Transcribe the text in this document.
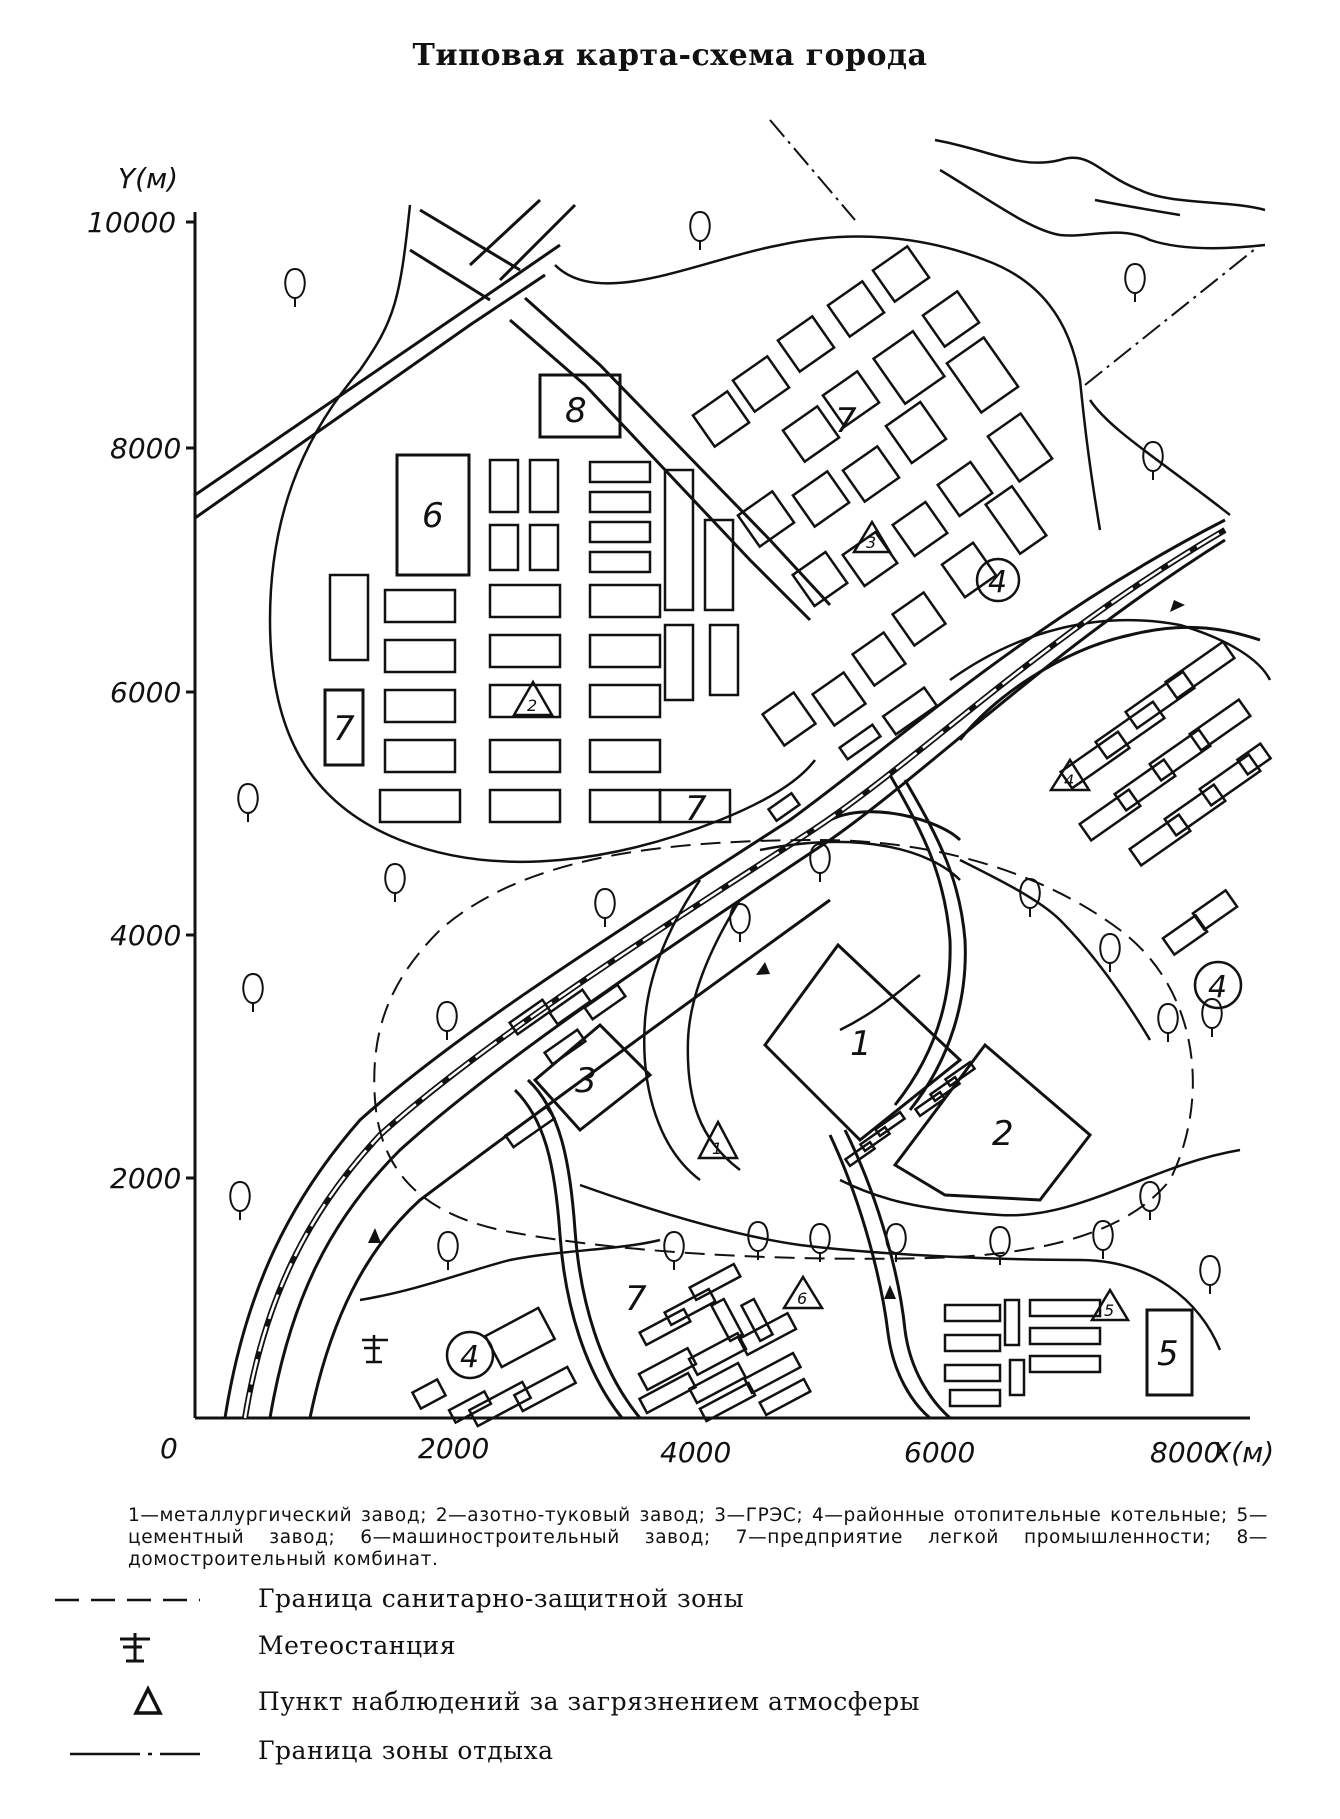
Типовая карта-схема города
Y(м)
10000
8000
6000
4000
2000
0	2000	4000	6000	8000
X(м)
1
2
3
5
6
7
7
7
7
8
4
4
4
1
2
3
4
5
6
1—металлургический завод; 2—азотно-туковый завод; 3—ГРЭС; 4—районные отопительные котельные; 5—цементный завод; 6—машиностроительный завод; 7—предприятие легкой промышленности; 8—домостроительный комбинат.
Граница санитарно-защитной зоны
Метеостанция
Пункт наблюдений за загрязнением атмосферы
Граница зоны отдыха
